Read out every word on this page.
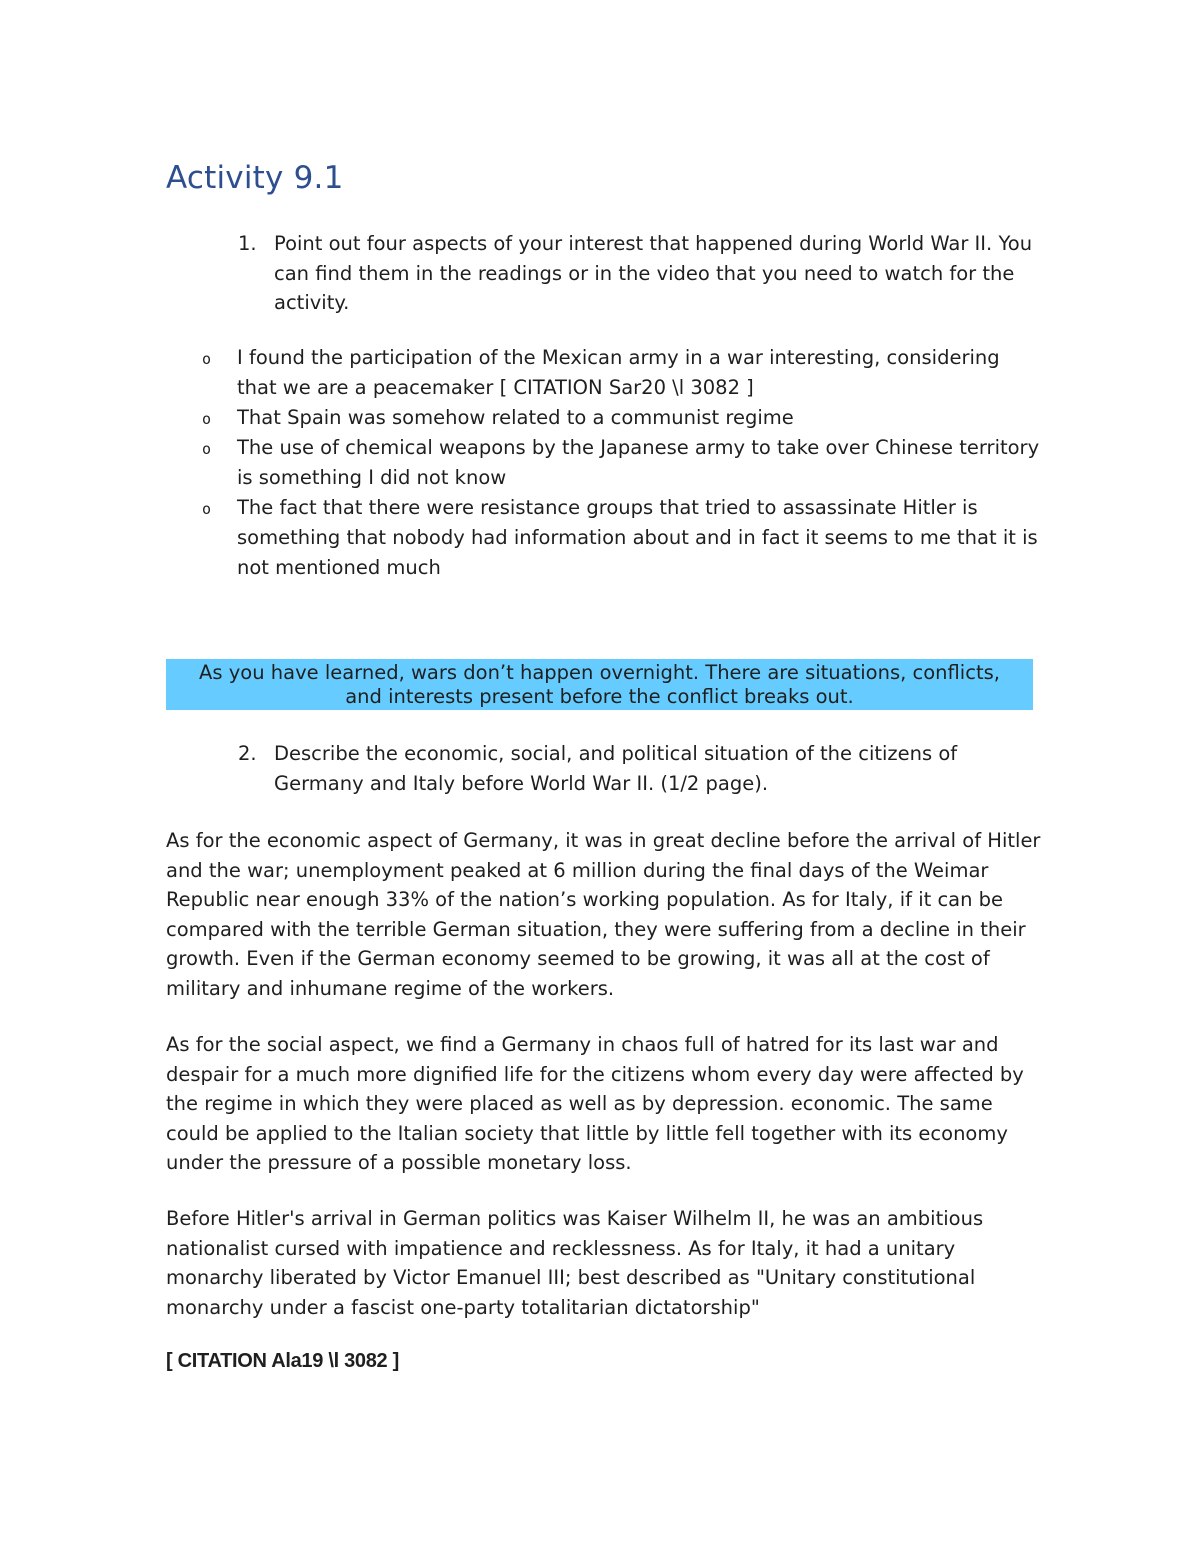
Activity 9.1
1. Point out four aspects of your interest that happened during World War II. You can find them in the readings or in the video that you need to watch for the activity.
o I found the participation of the Mexican army in a war interesting, considering that we are a peacemaker [ CITATION Sar20 \l 3082 ]
o That Spain was somehow related to a communist regime
o The use of chemical weapons by the Japanese army to take over Chinese territory is something I did not know
o The fact that there were resistance groups that tried to assassinate Hitler is something that nobody had information about and in fact it seems to me that it is not mentioned much
As you have learned, wars don’t happen overnight. There are situations, conflicts,
and interests present before the conflict breaks out.
2. Describe the economic, social, and political situation of the citizens of Germany and Italy before World War II. (1/2 page).

As for the economic aspect of Germany, it was in great decline before the arrival of Hitler and the war; unemployment peaked at 6 million during the final days of the Weimar Republic near enough 33% of the nation’s working population. As for Italy, if it can be compared with the terrible German situation, they were suffering from a decline in their growth. Even if the German economy seemed to be growing, it was all at the cost of military and inhumane regime of the workers.

As for the social aspect, we find a Germany in chaos full of hatred for its last war and despair for a much more dignified life for the citizens whom every day were affected by the regime in which they were placed as well as by depression. economic. The same could be applied to the Italian society that little by little fell together with its economy under the pressure of a possible monetary loss.

Before Hitler's arrival in German politics was Kaiser Wilhelm II, he was an ambitious nationalist cursed with impatience and recklessness. As for Italy, it had a unitary monarchy liberated by Victor Emanuel III; best described as "Unitary constitutional monarchy under a fascist one-party totalitarian dictatorship"

[ CITATION Ala19 \l 3082 ]
